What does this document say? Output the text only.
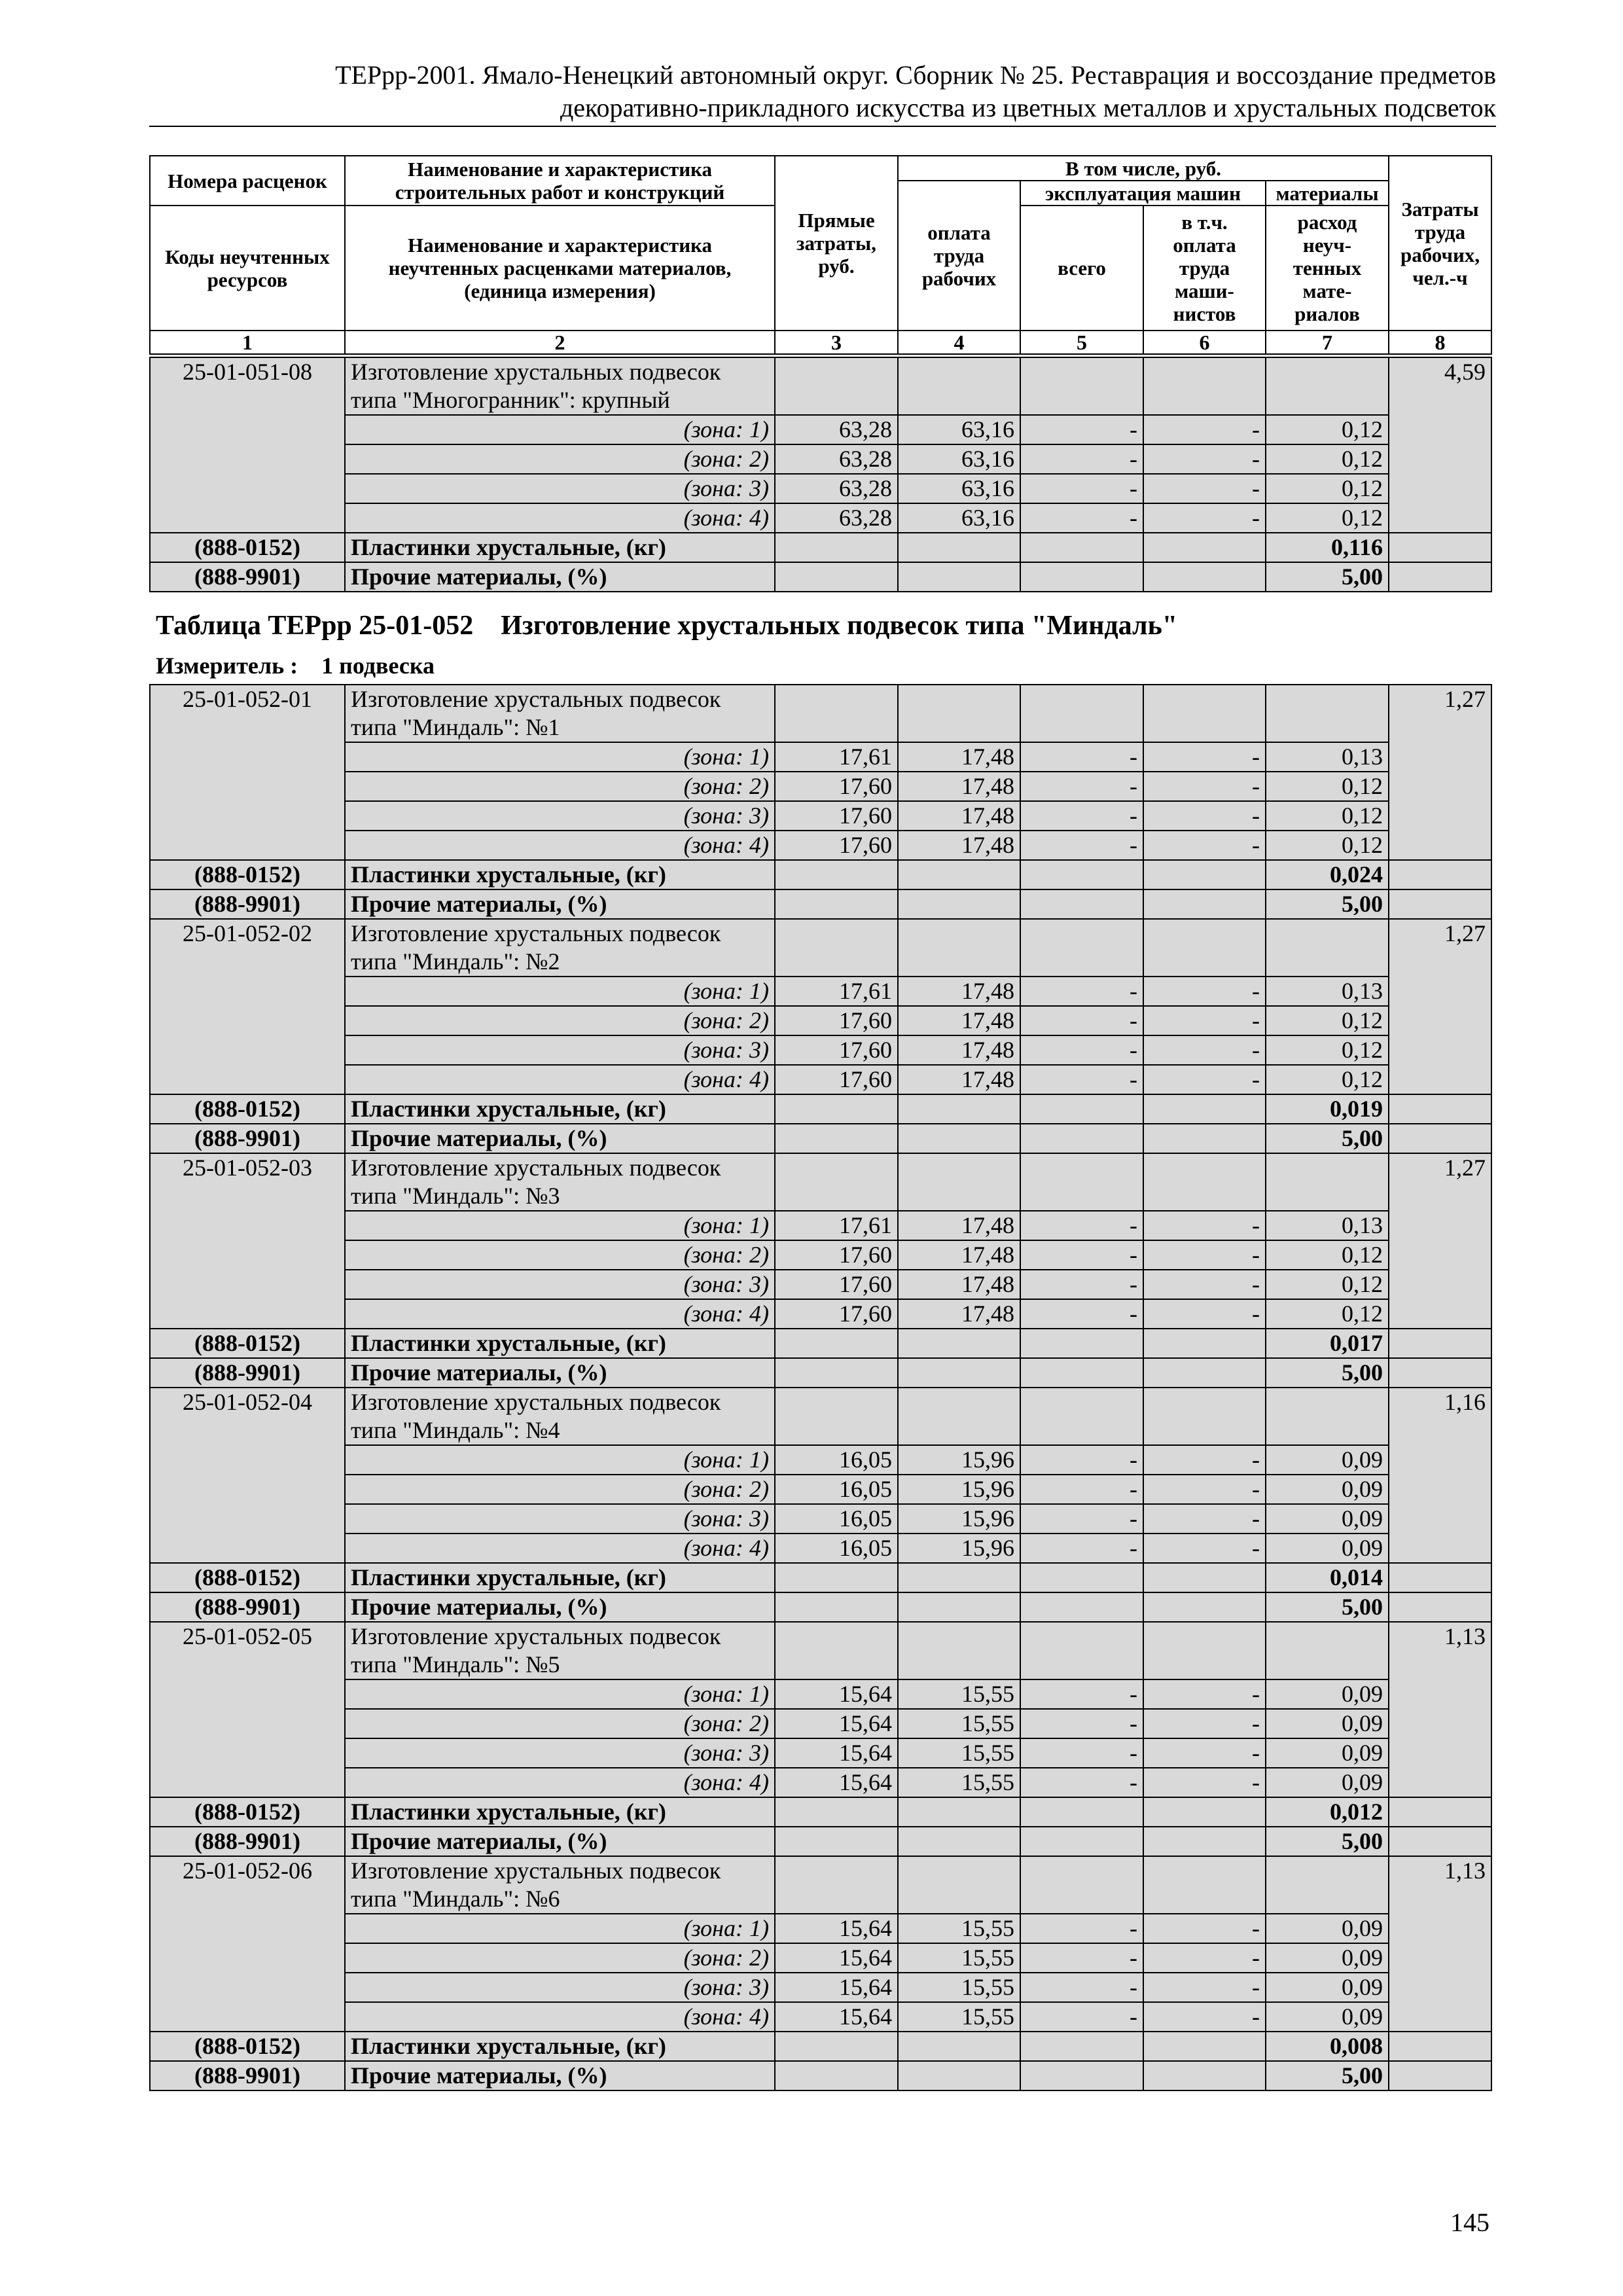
ТЕРрр-2001. Ямало-Ненецкий автономный округ. Сборник № 25. Реставрация и воссоздание предметов
декоративно-прикладного искусства из цветных металлов и хрустальных подсветок
Номера расценок	Наименование и характеристика строительных работ и конструкций	Прямые затраты, руб.	В том числе, руб.				Затраты труда рабочих, чел.-ч
			оплата труда рабочих	эксплуатация машин		материалы	
Коды неучтенных ресурсов	Наименование и характеристика неучтенных расценками материалов, (единица измерения)			всего	в т.ч. оплата труда маши- нистов	расход неуч- тенных мате- риалов	

1	2	3	4	5	6	7	8
25-01-051-08	Изготовление хрустальных подвесок типа "Многогранник": крупный						4,59
	(зона: 1)	63,28	63,16	-	-	0,12	
	(зона: 2)	63,28	63,16	-	-	0,12	
	(зона: 3)	63,28	63,16	-	-	0,12	
	(зона: 4)	63,28	63,16	-	-	0,12	
(888-0152)	Пластинки хрустальные, (кг)					0,116	
(888-9901)	Прочие материалы, (%)					5,00	
Таблица ТЕРрр 25-01-052    Изготовление хрустальных подвесок типа "Миндаль"
Измеритель :    1 подвеска
25-01-052-01	Изготовление хрустальных подвесок типа "Миндаль": №1						1,27
	(зона: 1)	17,61	17,48	-	-	0,13	
	(зона: 2)	17,60	17,48	-	-	0,12	
	(зона: 3)	17,60	17,48	-	-	0,12	
	(зона: 4)	17,60	17,48	-	-	0,12	
(888-0152)	Пластинки хрустальные, (кг)					0,024	
(888-9901)	Прочие материалы, (%)					5,00	
25-01-052-02	Изготовление хрустальных подвесок типа "Миндаль": №2						1,27
	(зона: 1)	17,61	17,48	-	-	0,13	
	(зона: 2)	17,60	17,48	-	-	0,12	
	(зона: 3)	17,60	17,48	-	-	0,12	
	(зона: 4)	17,60	17,48	-	-	0,12	
(888-0152)	Пластинки хрустальные, (кг)					0,019	
(888-9901)	Прочие материалы, (%)					5,00	
25-01-052-03	Изготовление хрустальных подвесок типа "Миндаль": №3						1,27
	(зона: 1)	17,61	17,48	-	-	0,13	
	(зона: 2)	17,60	17,48	-	-	0,12	
	(зона: 3)	17,60	17,48	-	-	0,12	
	(зона: 4)	17,60	17,48	-	-	0,12	
(888-0152)	Пластинки хрустальные, (кг)					0,017	
(888-9901)	Прочие материалы, (%)					5,00	
25-01-052-04	Изготовление хрустальных подвесок типа "Миндаль": №4						1,16
	(зона: 1)	16,05	15,96	-	-	0,09	
	(зона: 2)	16,05	15,96	-	-	0,09	
	(зона: 3)	16,05	15,96	-	-	0,09	
	(зона: 4)	16,05	15,96	-	-	0,09	
(888-0152)	Пластинки хрустальные, (кг)					0,014	
(888-9901)	Прочие материалы, (%)					5,00	
25-01-052-05	Изготовление хрустальных подвесок типа "Миндаль": №5						1,13
	(зона: 1)	15,64	15,55	-	-	0,09	
	(зона: 2)	15,64	15,55	-	-	0,09	
	(зона: 3)	15,64	15,55	-	-	0,09	
	(зона: 4)	15,64	15,55	-	-	0,09	
(888-0152)	Пластинки хрустальные, (кг)					0,012	
(888-9901)	Прочие материалы, (%)					5,00	
25-01-052-06	Изготовление хрустальных подвесок типа "Миндаль": №6						1,13
	(зона: 1)	15,64	15,55	-	-	0,09	
	(зона: 2)	15,64	15,55	-	-	0,09	
	(зона: 3)	15,64	15,55	-	-	0,09	
	(зона: 4)	15,64	15,55	-	-	0,09	
(888-0152)	Пластинки хрустальные, (кг)					0,008	
(888-9901)	Прочие материалы, (%)					5,00	
145
